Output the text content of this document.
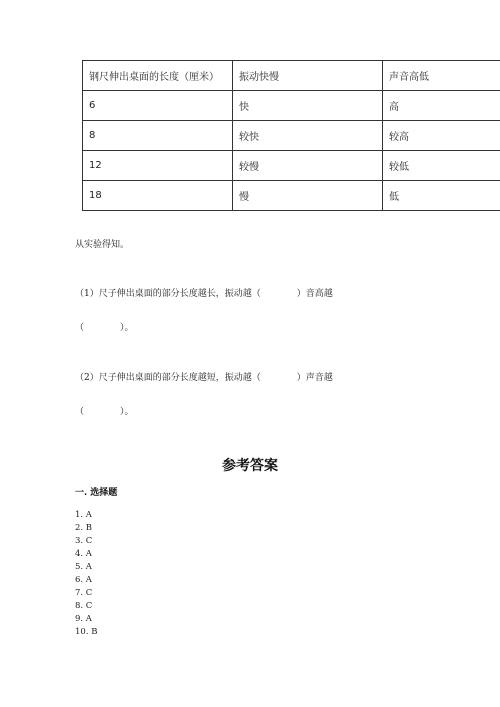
钢尺伸出桌面的长度（厘米）	振动快慢	声音高低
6	快	高
8	较快	较高
12	较慢	较低
18	慢	低
从实验得知。
（1）尺子伸出桌面的部分长度越长，振动越（　　　　）音高越
（　　　　）。
（2）尺子伸出桌面的部分长度越短，振动越（　　　　）声音越
（　　　　）。
参考答案
一. 选择题
1. A
2. B
3. C
4. A
5. A
6. A
7. C
8. C
9. A
10. B
